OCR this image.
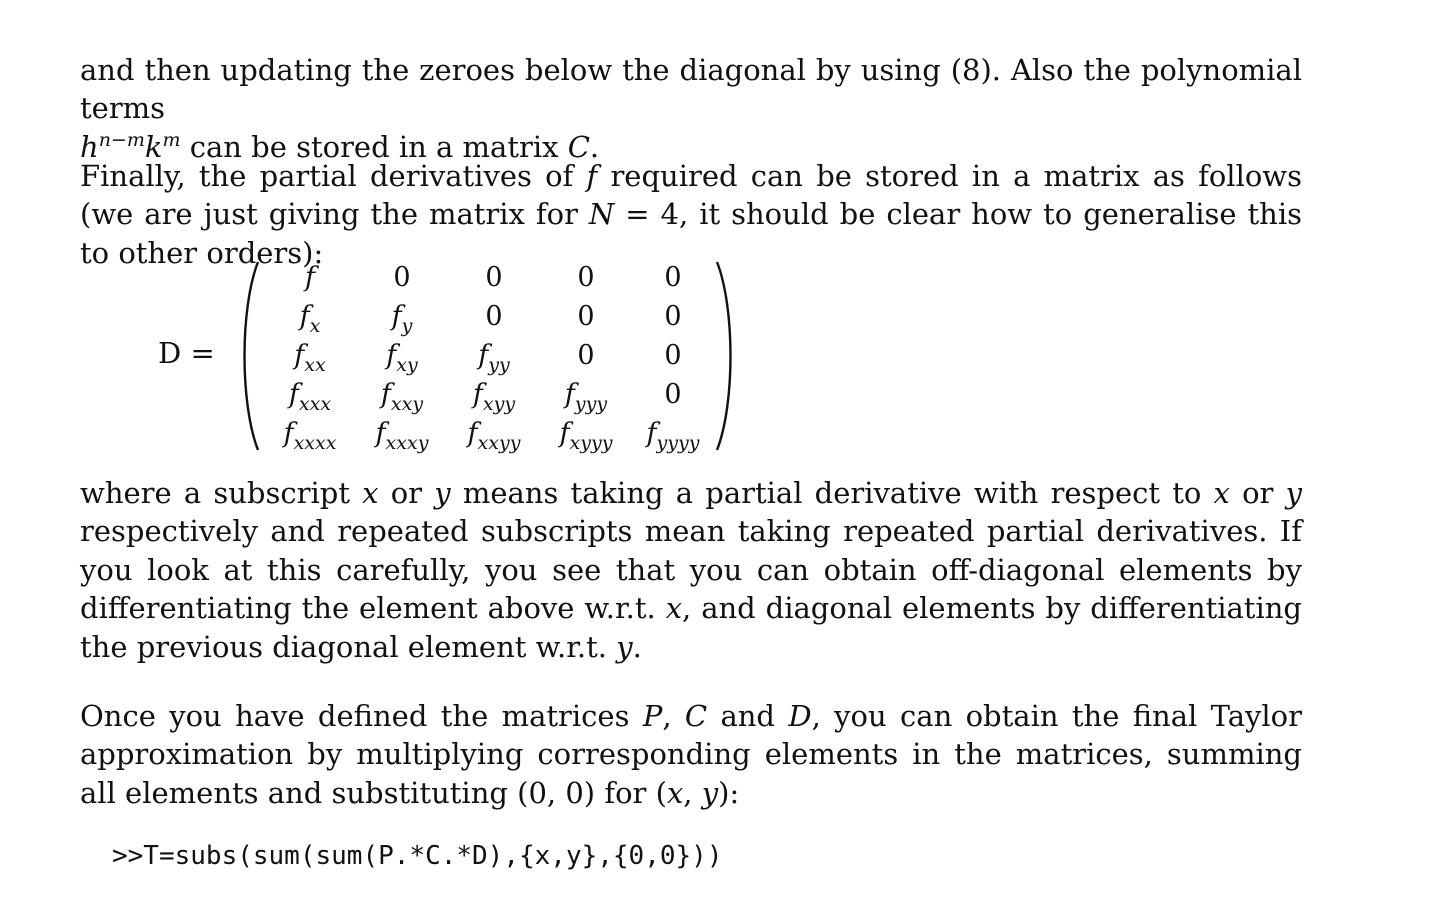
and then updating the zeroes below the diagonal by using (8). Also the polynomial terms
$h^{n-m}k^m$ can be stored in a matrix C.
Finally, the partial derivatives of f required can be stored in a matrix as follows (we are just giving the matrix for N = 4, it should be clear how to generalise this to other orders):
D =
f	0	0	0	0
$f_x$	$f_y$	0	0	0
$f_{xx}$	$f_{xy}$	$f_{yy}$	0	0
$f_{xxx}$	$f_{xxy}$	$f_{xyy}$	$f_{yyy}$	0
$f_{xxxx}$	$f_{xxxy}$	$f_{xxyy}$	$f_{xyyy}$	$f_{yyyy}$
where a subscript x or y means taking a partial derivative with respect to x or y respectively and repeated subscripts mean taking repeated partial derivatives. If you look at this carefully, you see that you can obtain off-diagonal elements by differentiating the element above w.r.t. x, and diagonal elements by differentiating the previous diagonal element w.r.t. y.
Once you have defined the matrices P, C and D, you can obtain the final Taylor approximation by multiplying corresponding elements in the matrices, summing all elements and substituting (0, 0) for (x, y):
>>T=subs(sum(sum(P.*C.*D),{x,y},{0,0}))
